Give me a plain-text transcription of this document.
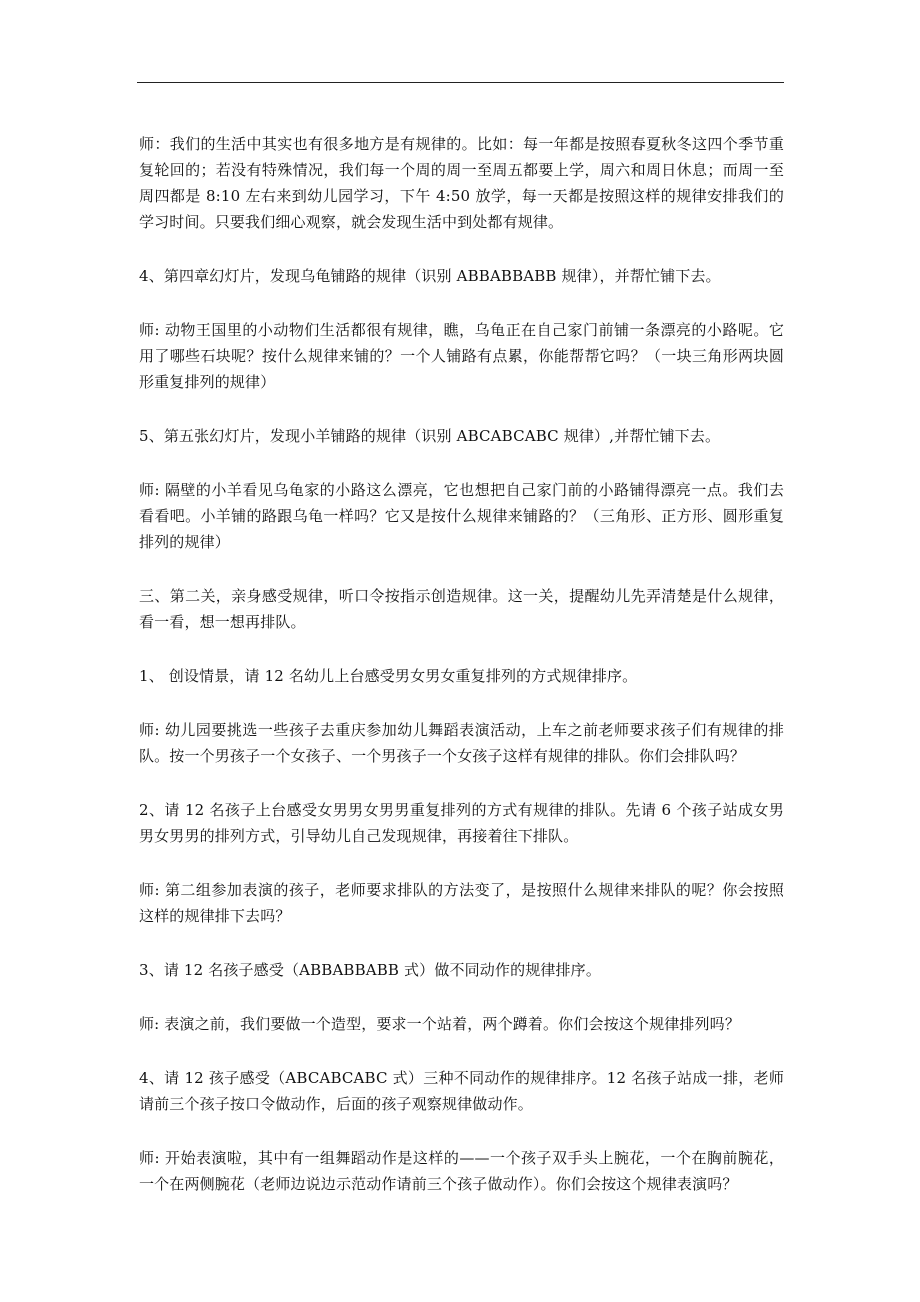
师：我们的生活中其实也有很多地方是有规律的。比如：每一年都是按照春夏秋冬这四个季节重复轮回的；若没有特殊情况，我们每一个周的周一至周五都要上学，周六和周日休息；而周一至周四都是 8:10 左右来到幼儿园学习，下午 4:50 放学，每一天都是按照这样的规律安排我们的学习时间。只要我们细心观察，就会发现生活中到处都有规律。

4、第四章幻灯片，发现乌龟铺路的规律（识别 ABBABBABB 规律），并帮忙铺下去。

师: 动物王国里的小动物们生活都很有规律，瞧，乌龟正在自己家门前铺一条漂亮的小路呢。它用了哪些石块呢？按什么规律来铺的？一个人铺路有点累，你能帮帮它吗？（一块三角形两块圆形重复排列的规律）

5、第五张幻灯片，发现小羊铺路的规律（识别 ABCABCABC 规律）,并帮忙铺下去。

师: 隔壁的小羊看见乌龟家的小路这么漂亮，它也想把自己家门前的小路铺得漂亮一点。我们去看看吧。小羊铺的路跟乌龟一样吗？它又是按什么规律来铺路的？（三角形、正方形、圆形重复排列的规律）

三、第二关，亲身感受规律，听口令按指示创造规律。这一关，提醒幼儿先弄清楚是什么规律，看一看，想一想再排队。

1、 创设情景，请 12 名幼儿上台感受男女男女重复排列的方式规律排序。

师: 幼儿园要挑选一些孩子去重庆参加幼儿舞蹈表演活动，上车之前老师要求孩子们有规律的排队。按一个男孩子一个女孩子、一个男孩子一个女孩子这样有规律的排队。你们会排队吗？

2、请 12 名孩子上台感受女男男女男男重复排列的方式有规律的排队。先请 6 个孩子站成女男男女男男的排列方式，引导幼儿自己发现规律，再接着往下排队。

师: 第二组参加表演的孩子，老师要求排队的方法变了，是按照什么规律来排队的呢？你会按照这样的规律排下去吗？

3、请 12 名孩子感受（ABBABBABB 式）做不同动作的规律排序。

师: 表演之前，我们要做一个造型，要求一个站着，两个蹲着。你们会按这个规律排列吗？

4、请 12 孩子感受（ABCABCABC 式）三种不同动作的规律排序。12 名孩子站成一排，老师请前三个孩子按口令做动作，后面的孩子观察规律做动作。

师: 开始表演啦，其中有一组舞蹈动作是这样的——一个孩子双手头上腕花，一个在胸前腕花，一个在两侧腕花（老师边说边示范动作请前三个孩子做动作）。你们会按这个规律表演吗？
